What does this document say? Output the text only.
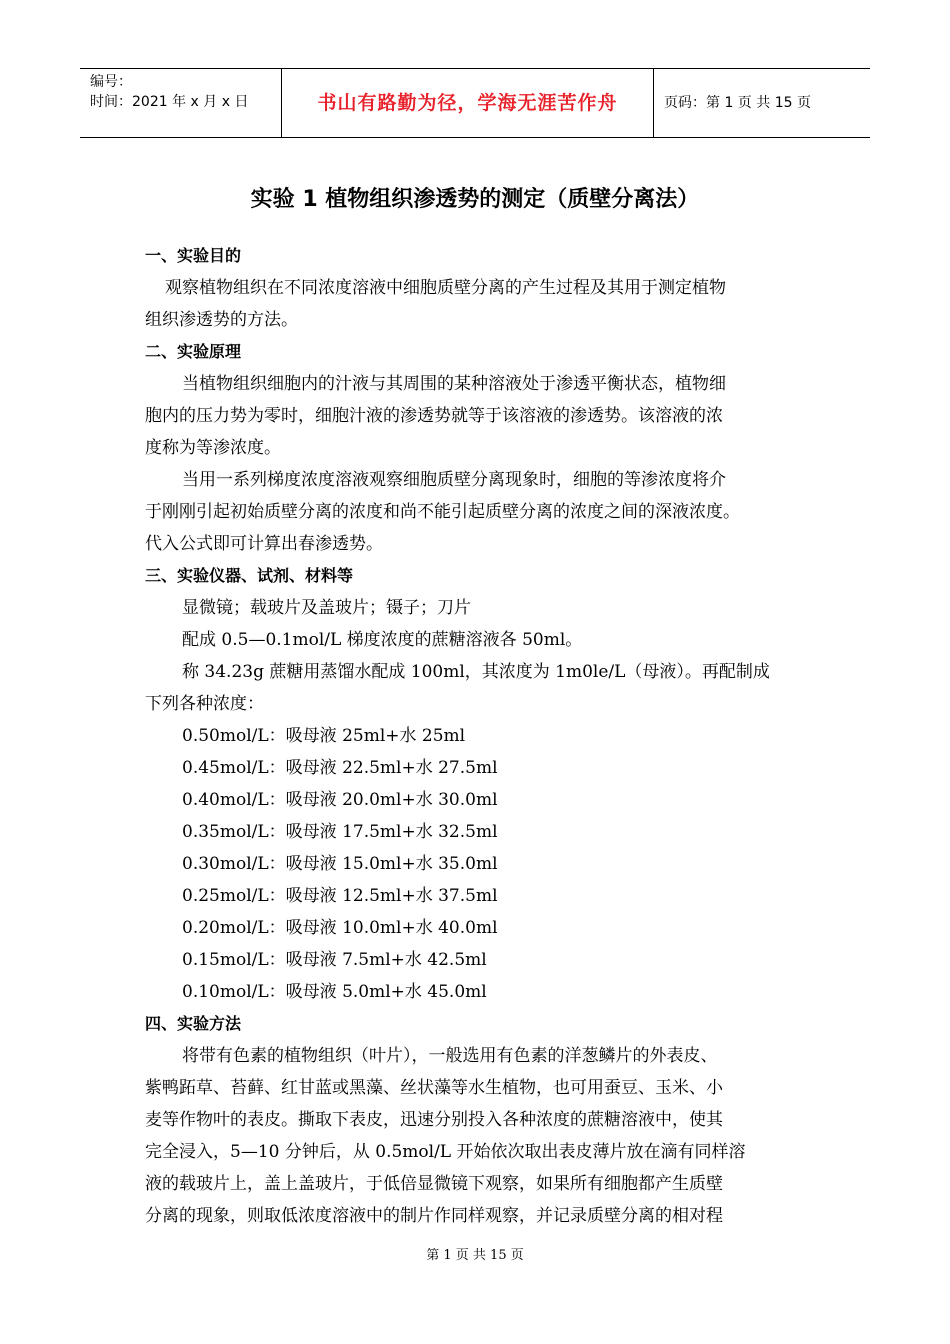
编号：
时间：2021 年 x 月 x 日	书山有路勤为径，学海无涯苦作舟	页码：第 1 页 共 15 页
实验 1 植物组织渗透势的测定（质壁分离法）
一、实验目的
观察植物组织在不同浓度溶液中细胞质壁分离的产生过程及其用于测定植物
组织渗透势的方法。
二、实验原理
当植物组织细胞内的汁液与其周围的某种溶液处于渗透平衡状态，植物细
胞内的压力势为零时，细胞汁液的渗透势就等于该溶液的渗透势。该溶液的浓
度称为等渗浓度。
当用一系列梯度浓度溶液观察细胞质壁分离现象时，细胞的等渗浓度将介
于刚刚引起初始质壁分离的浓度和尚不能引起质壁分离的浓度之间的深液浓度。
代入公式即可计算出春渗透势。
三、实验仪器、试剂、材料等
显微镜；载玻片及盖玻片；镊子；刀片
配成 0.5—0.1mol/L 梯度浓度的蔗糖溶液各 50ml。
称 34.23g 蔗糖用蒸馏水配成 100ml，其浓度为 1m0le/L（母液）。再配制成
下列各种浓度：
0.50mol/L：吸母液 25ml+水 25ml
0.45mol/L：吸母液 22.5ml+水 27.5ml
0.40mol/L：吸母液 20.0ml+水 30.0ml
0.35mol/L：吸母液 17.5ml+水 32.5ml
0.30mol/L：吸母液 15.0ml+水 35.0ml
0.25mol/L：吸母液 12.5ml+水 37.5ml
0.20mol/L：吸母液 10.0ml+水 40.0ml
0.15mol/L：吸母液 7.5ml+水 42.5ml
0.10mol/L：吸母液 5.0ml+水 45.0ml
四、实验方法
将带有色素的植物组织（叶片），一般选用有色素的洋葱鳞片的外表皮、
紫鸭跖草、苔藓、红甘蓝或黑藻、丝状藻等水生植物，也可用蚕豆、玉米、小
麦等作物叶的表皮。撕取下表皮，迅速分别投入各种浓度的蔗糖溶液中，使其
完全浸入，5—10 分钟后，从 0.5mol/L 开始依次取出表皮薄片放在滴有同样溶
液的载玻片上，盖上盖玻片，于低倍显微镜下观察，如果所有细胞都产生质壁
分离的现象，则取低浓度溶液中的制片作同样观察，并记录质壁分离的相对程
第 1 页 共 15 页
